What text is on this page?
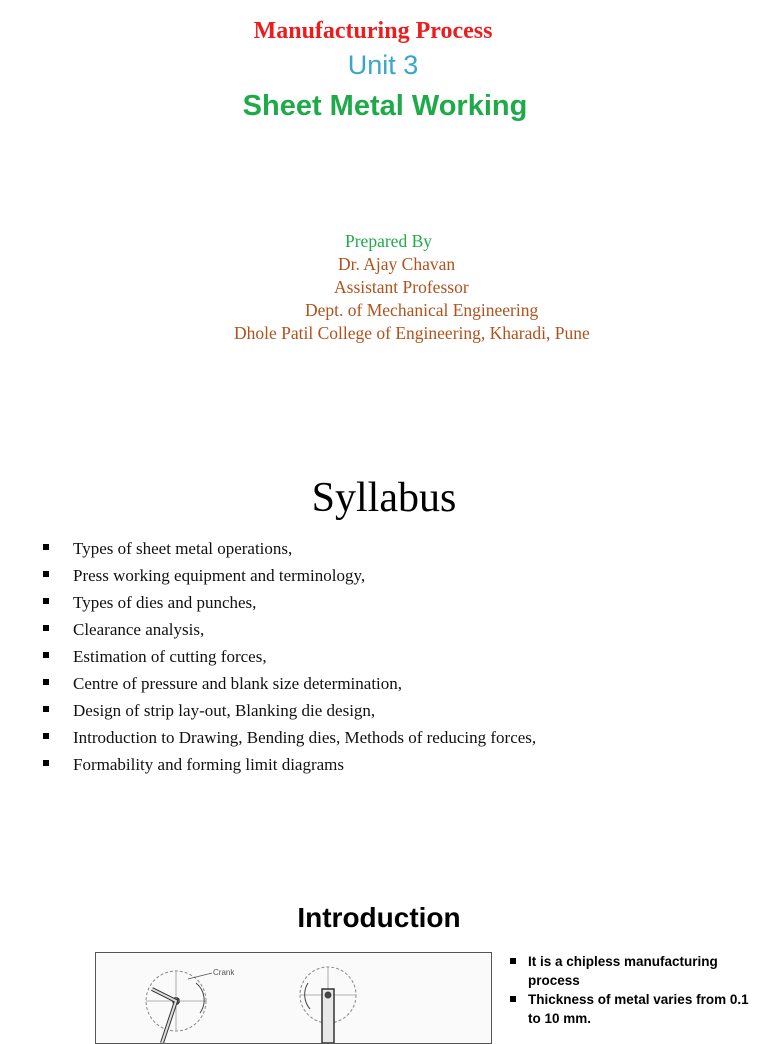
Manufacturing Process
Unit 3
Sheet Metal Working
Prepared By
Dr. Ajay Chavan
Assistant Professor
Dept. of Mechanical Engineering
Dhole Patil College of Engineering, Kharadi, Pune
Syllabus
Types of sheet metal operations,
Press working equipment and terminology,
Types of dies and punches,
Clearance analysis,
Estimation of cutting forces,
Centre of pressure and blank size determination,
Design of strip lay-out, Blanking die design,
Introduction to Drawing, Bending dies, Methods of reducing forces,
Formability and forming limit diagrams
Introduction
Crank
It is a chipless manufacturing process
Thickness of metal varies from 0.1 to 10 mm.
